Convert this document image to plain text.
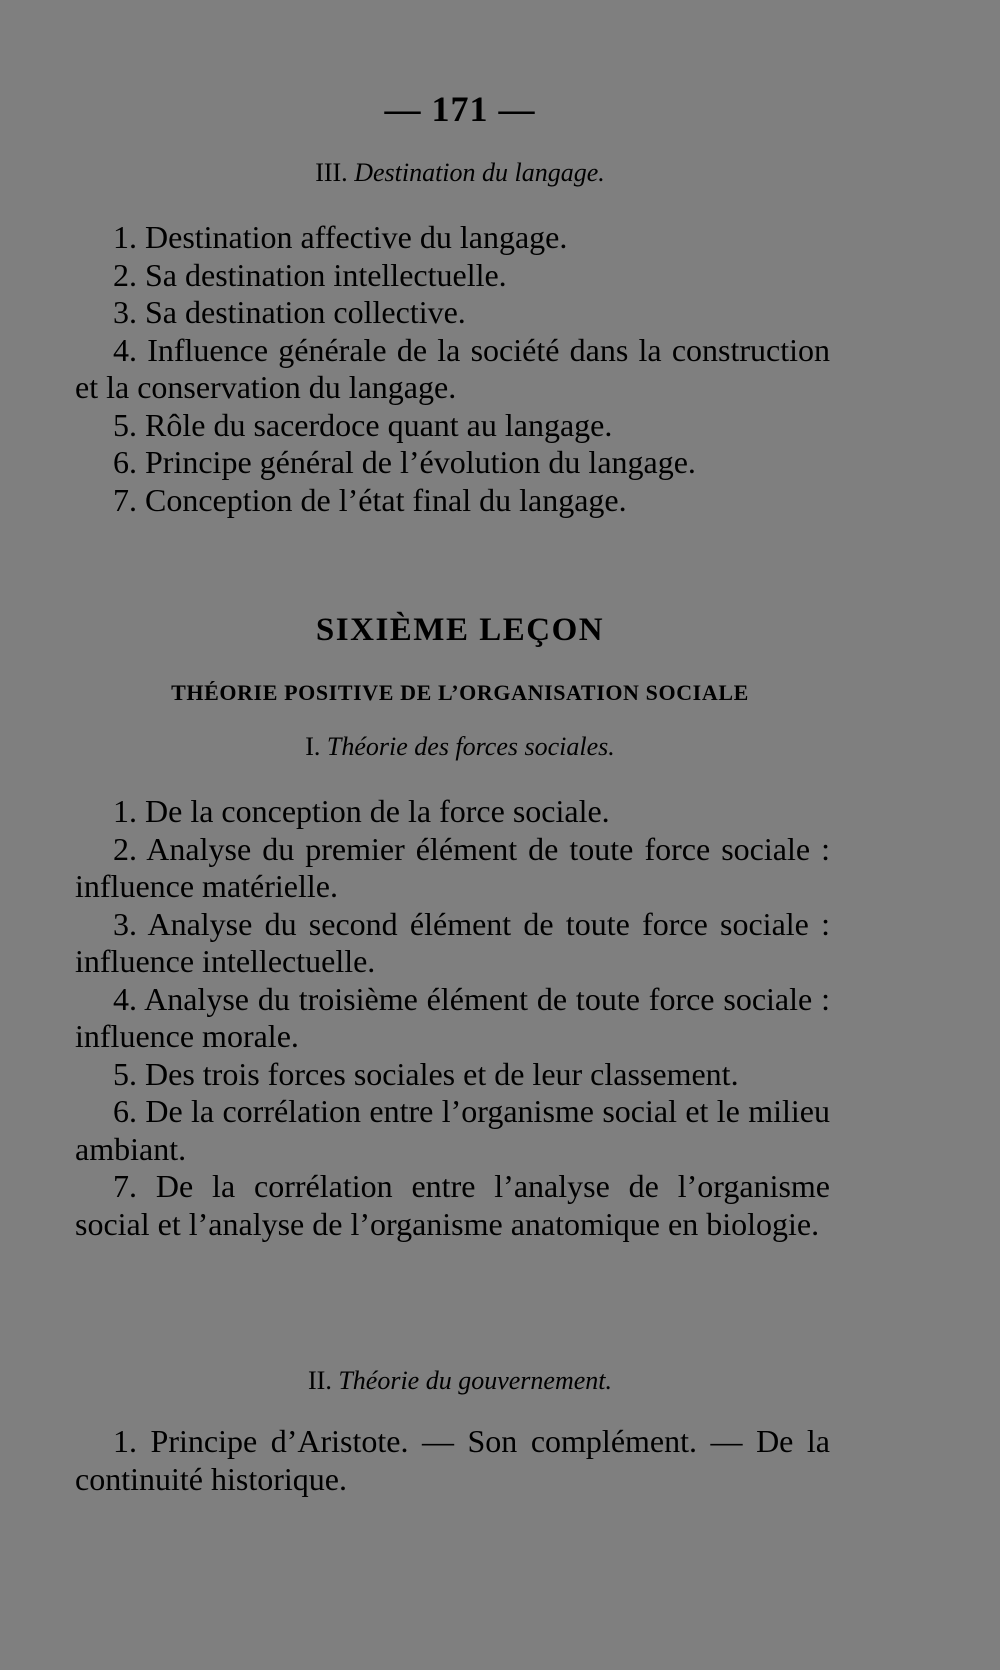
— 171 —
III. Destination du langage.
1. Destination affective du langage.
2. Sa destination intellectuelle.
3. Sa destination collective.
4. Influence générale de la société dans la construction et la conservation du langage.
5. Rôle du sacerdoce quant au langage.
6. Principe général de l’évolution du langage.
7. Conception de l’état final du langage.
SIXIÈME LEÇON
THÉORIE POSITIVE DE L’ORGANISATION SOCIALE
I. Théorie des forces sociales.
1. De la conception de la force sociale.
2. Analyse du premier élément de toute force sociale : influence matérielle.
3. Analyse du second élément de toute force sociale : influence intellectuelle.
4. Analyse du troisième élément de toute force sociale : influence morale.
5. Des trois forces sociales et de leur classement.
6. De la corrélation entre l’organisme social et le milieu ambiant.
7. De la corrélation entre l’analyse de l’organisme social et l’analyse de l’organisme anatomique en biologie.
II. Théorie du gouvernement.
1. Principe d’Aristote. — Son complément. — De la continuité historique.
